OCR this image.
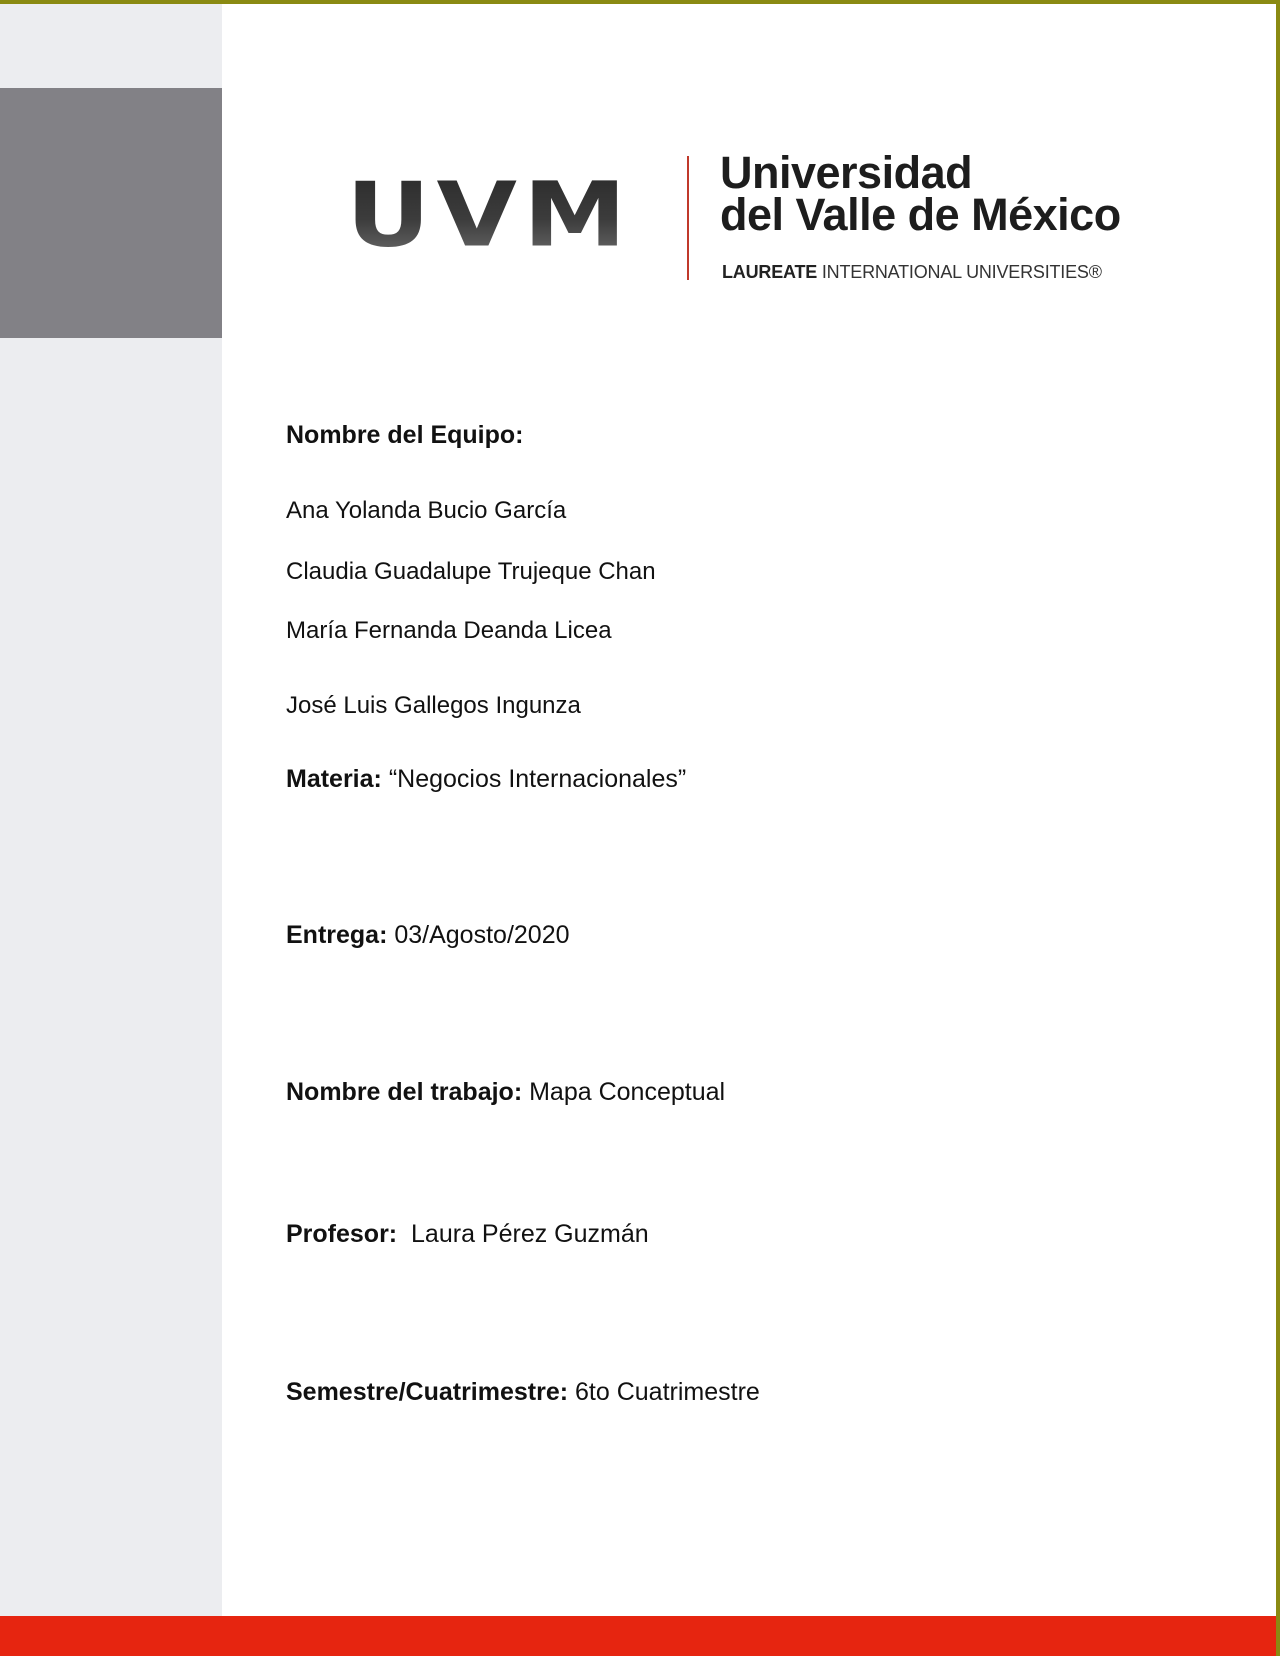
UVM Universidad
del Valle de México
LAUREATE INTERNATIONAL UNIVERSITIES®
Nombre del Equipo:
Ana Yolanda Bucio García
Claudia Guadalupe Trujeque Chan
María Fernanda Deanda Licea
José Luis Gallegos Ingunza
Materia: “Negocios Internacionales”
Entrega: 03/Agosto/2020
Nombre del trabajo: Mapa Conceptual
Profesor:  Laura Pérez Guzmán
Semestre/Cuatrimestre: 6to Cuatrimestre
